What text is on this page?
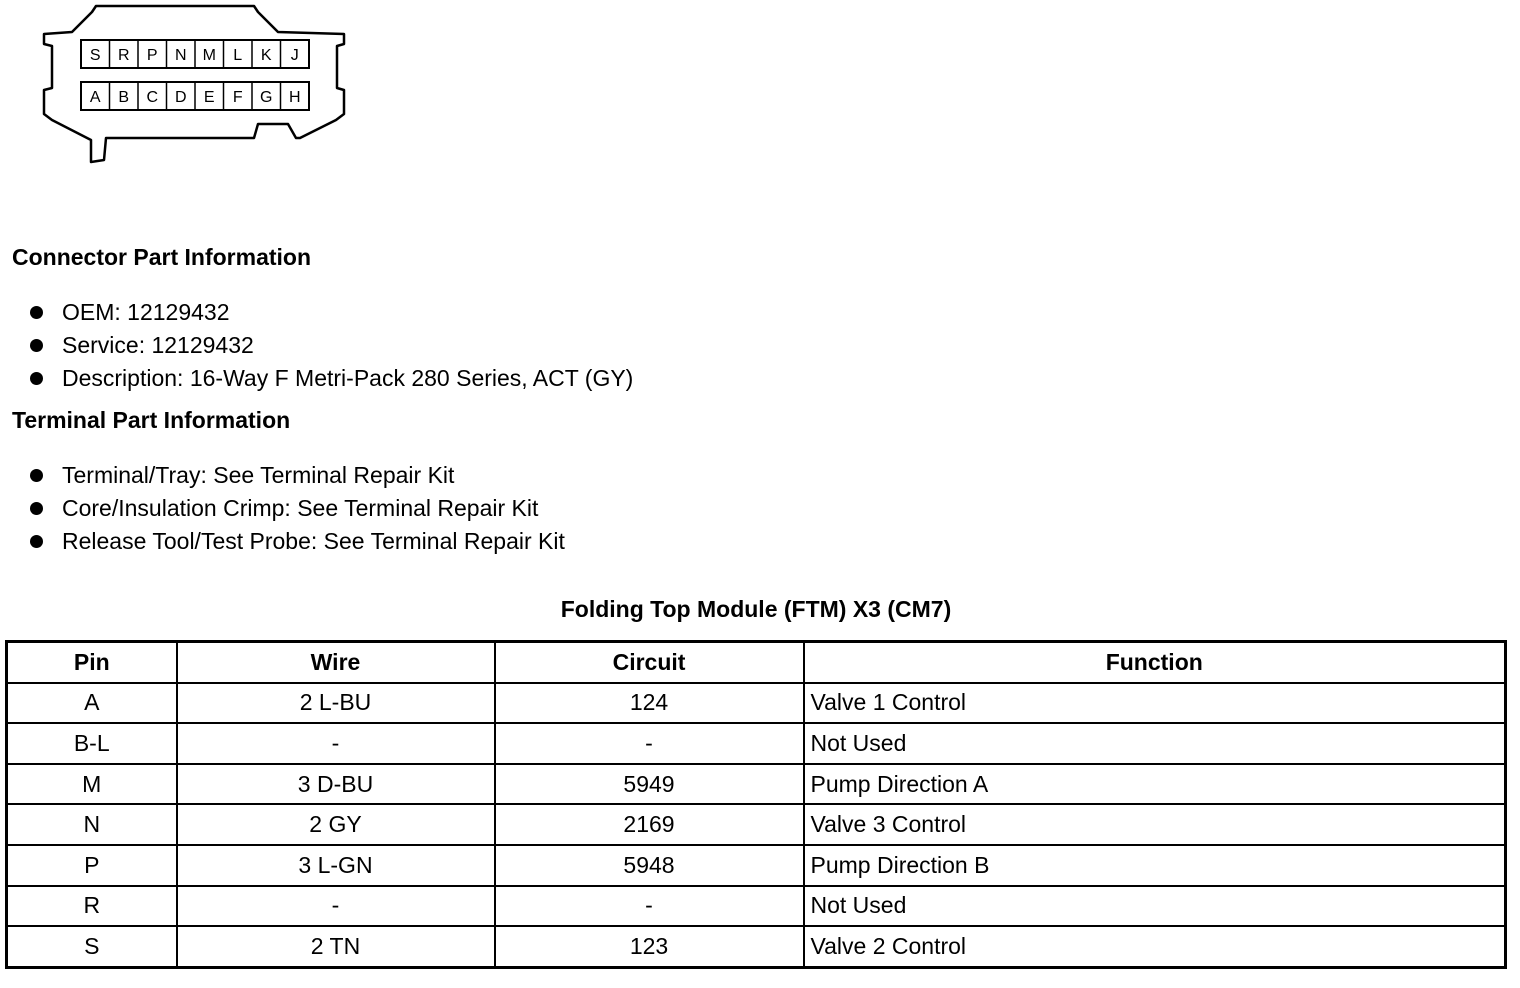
S R P N M L K J
A B C D E F G H
Connector Part Information
OEM: 12129432
Service: 12129432
Description: 16-Way F Metri-Pack 280 Series, ACT (GY)
Terminal Part Information
Terminal/Tray: See Terminal Repair Kit
Core/Insulation Crimp: See Terminal Repair Kit
Release Tool/Test Probe: See Terminal Repair Kit
Folding Top Module (FTM) X3 (CM7)
Pin	Wire	Circuit	Function
A	2 L-BU	124	Valve 1 Control
B-L	-	-	Not Used
M	3 D-BU	5949	Pump Direction A
N	2 GY	2169	Valve 3 Control
P	3 L-GN	5948	Pump Direction B
R	-	-	Not Used
S	2 TN	123	Valve 2 Control
